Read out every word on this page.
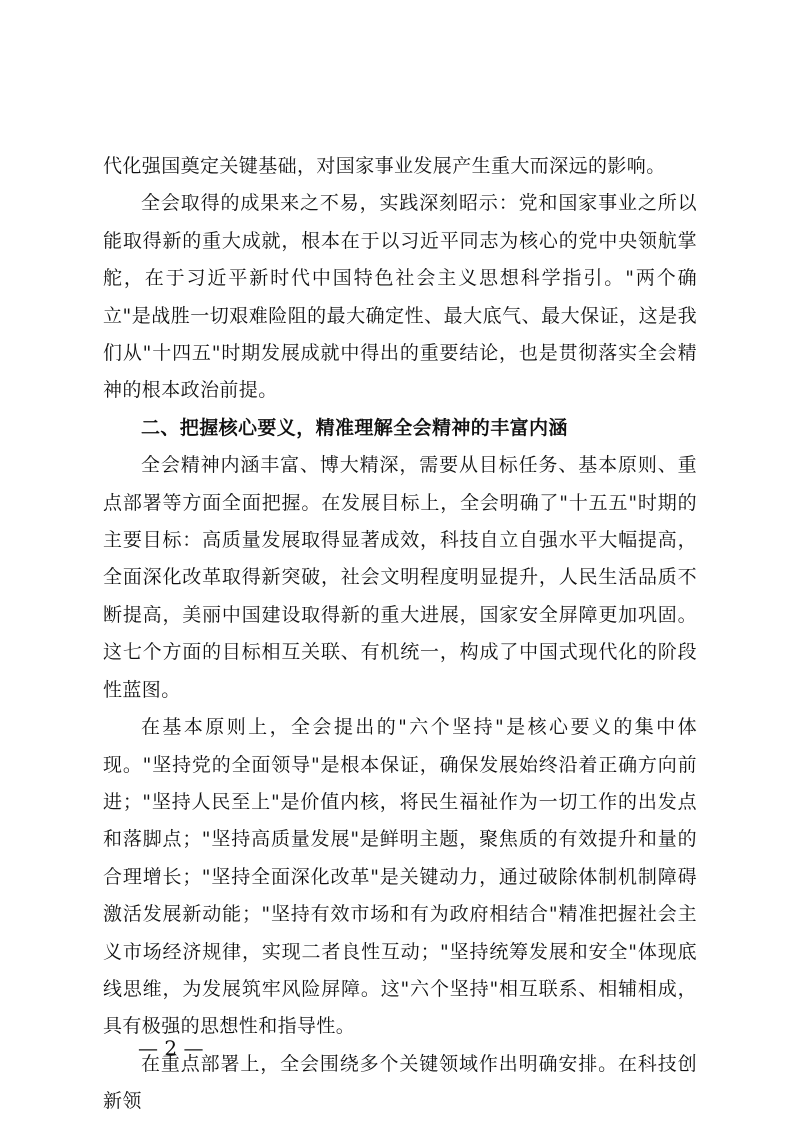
代化强国奠定关键基础，对国家事业发展产生重大而深远的影响。

全会取得的成果来之不易，实践深刻昭示：党和国家事业之所以能取得新的重大成就，根本在于以习近平同志为核心的党中央领航掌舵，在于习近平新时代中国特色社会主义思想科学指引。"两个确立"是战胜一切艰难险阻的最大确定性、最大底气、最大保证，这是我们从"十四五"时期发展成就中得出的重要结论，也是贯彻落实全会精神的根本政治前提。

二、把握核心要义，精准理解全会精神的丰富内涵

全会精神内涵丰富、博大精深，需要从目标任务、基本原则、重点部署等方面全面把握。在发展目标上，全会明确了"十五五"时期的主要目标：高质量发展取得显著成效，科技自立自强水平大幅提高，全面深化改革取得新突破，社会文明程度明显提升，人民生活品质不断提高，美丽中国建设取得新的重大进展，国家安全屏障更加巩固。这七个方面的目标相互关联、有机统一，构成了中国式现代化的阶段性蓝图。

在基本原则上，全会提出的"六个坚持"是核心要义的集中体现。"坚持党的全面领导"是根本保证，确保发展始终沿着正确方向前进；"坚持人民至上"是价值内核，将民生福祉作为一切工作的出发点和落脚点；"坚持高质量发展"是鲜明主题，聚焦质的有效提升和量的合理增长；"坚持全面深化改革"是关键动力，通过破除体制机制障碍激活发展新动能；"坚持有效市场和有为政府相结合"精准把握社会主义市场经济规律，实现二者良性互动；"坚持统筹发展和安全"体现底线思维，为发展筑牢风险屏障。这"六个坚持"相互联系、相辅相成，具有极强的思想性和指导性。

在重点部署上，全会围绕多个关键领域作出明确安排。在科技创新领

— 2 —
